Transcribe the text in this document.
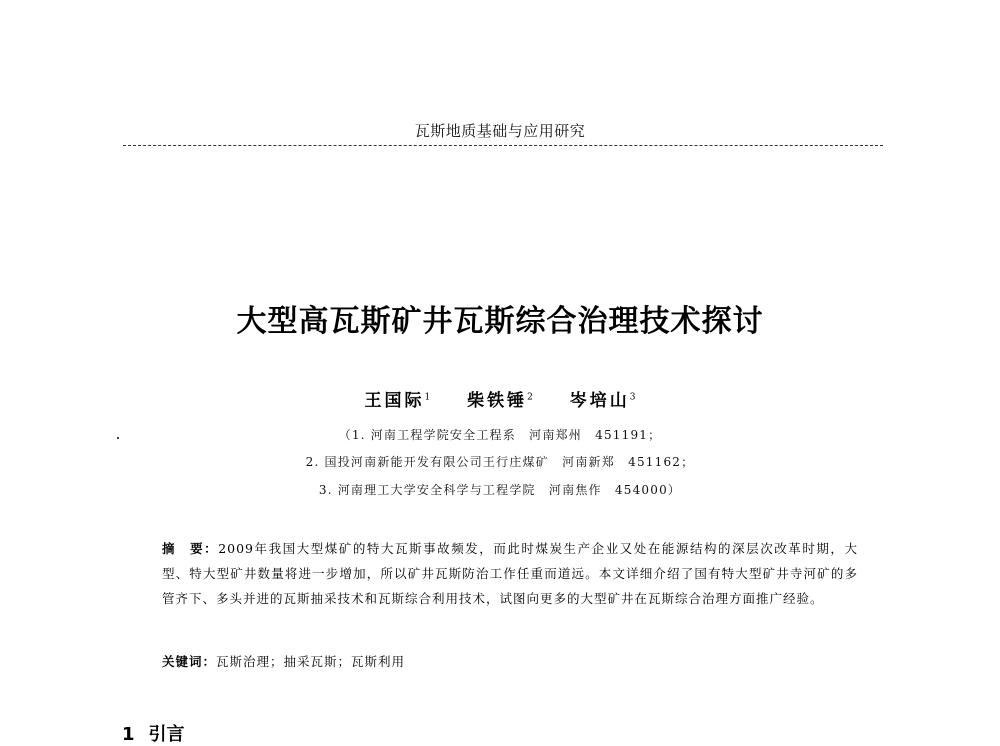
瓦斯地质基础与应用研究
大型高瓦斯矿井瓦斯综合治理技术探讨
王国际$^1$ 柴铁锤$^2$ 岑培山$^3$
（1. 河南工程学院安全工程系　河南郑州　451191；
2. 国投河南新能开发有限公司王行庄煤矿　河南新郑　451162；
3. 河南理工大学安全科学与工程学院　河南焦作　454000）
摘　要：2009年我国大型煤矿的特大瓦斯事故频发，而此时煤炭生产企业又处在能源结构的深层次改革时期，大型、特大型矿井数量将进一步增加，所以矿井瓦斯防治工作任重而道远。本文详细介绍了国有特大型矿井寺河矿的多管齐下、多头并进的瓦斯抽采技术和瓦斯综合利用技术，试图向更多的大型矿井在瓦斯综合治理方面推广经验。
关键词：瓦斯治理；抽采瓦斯；瓦斯利用
1 引言
